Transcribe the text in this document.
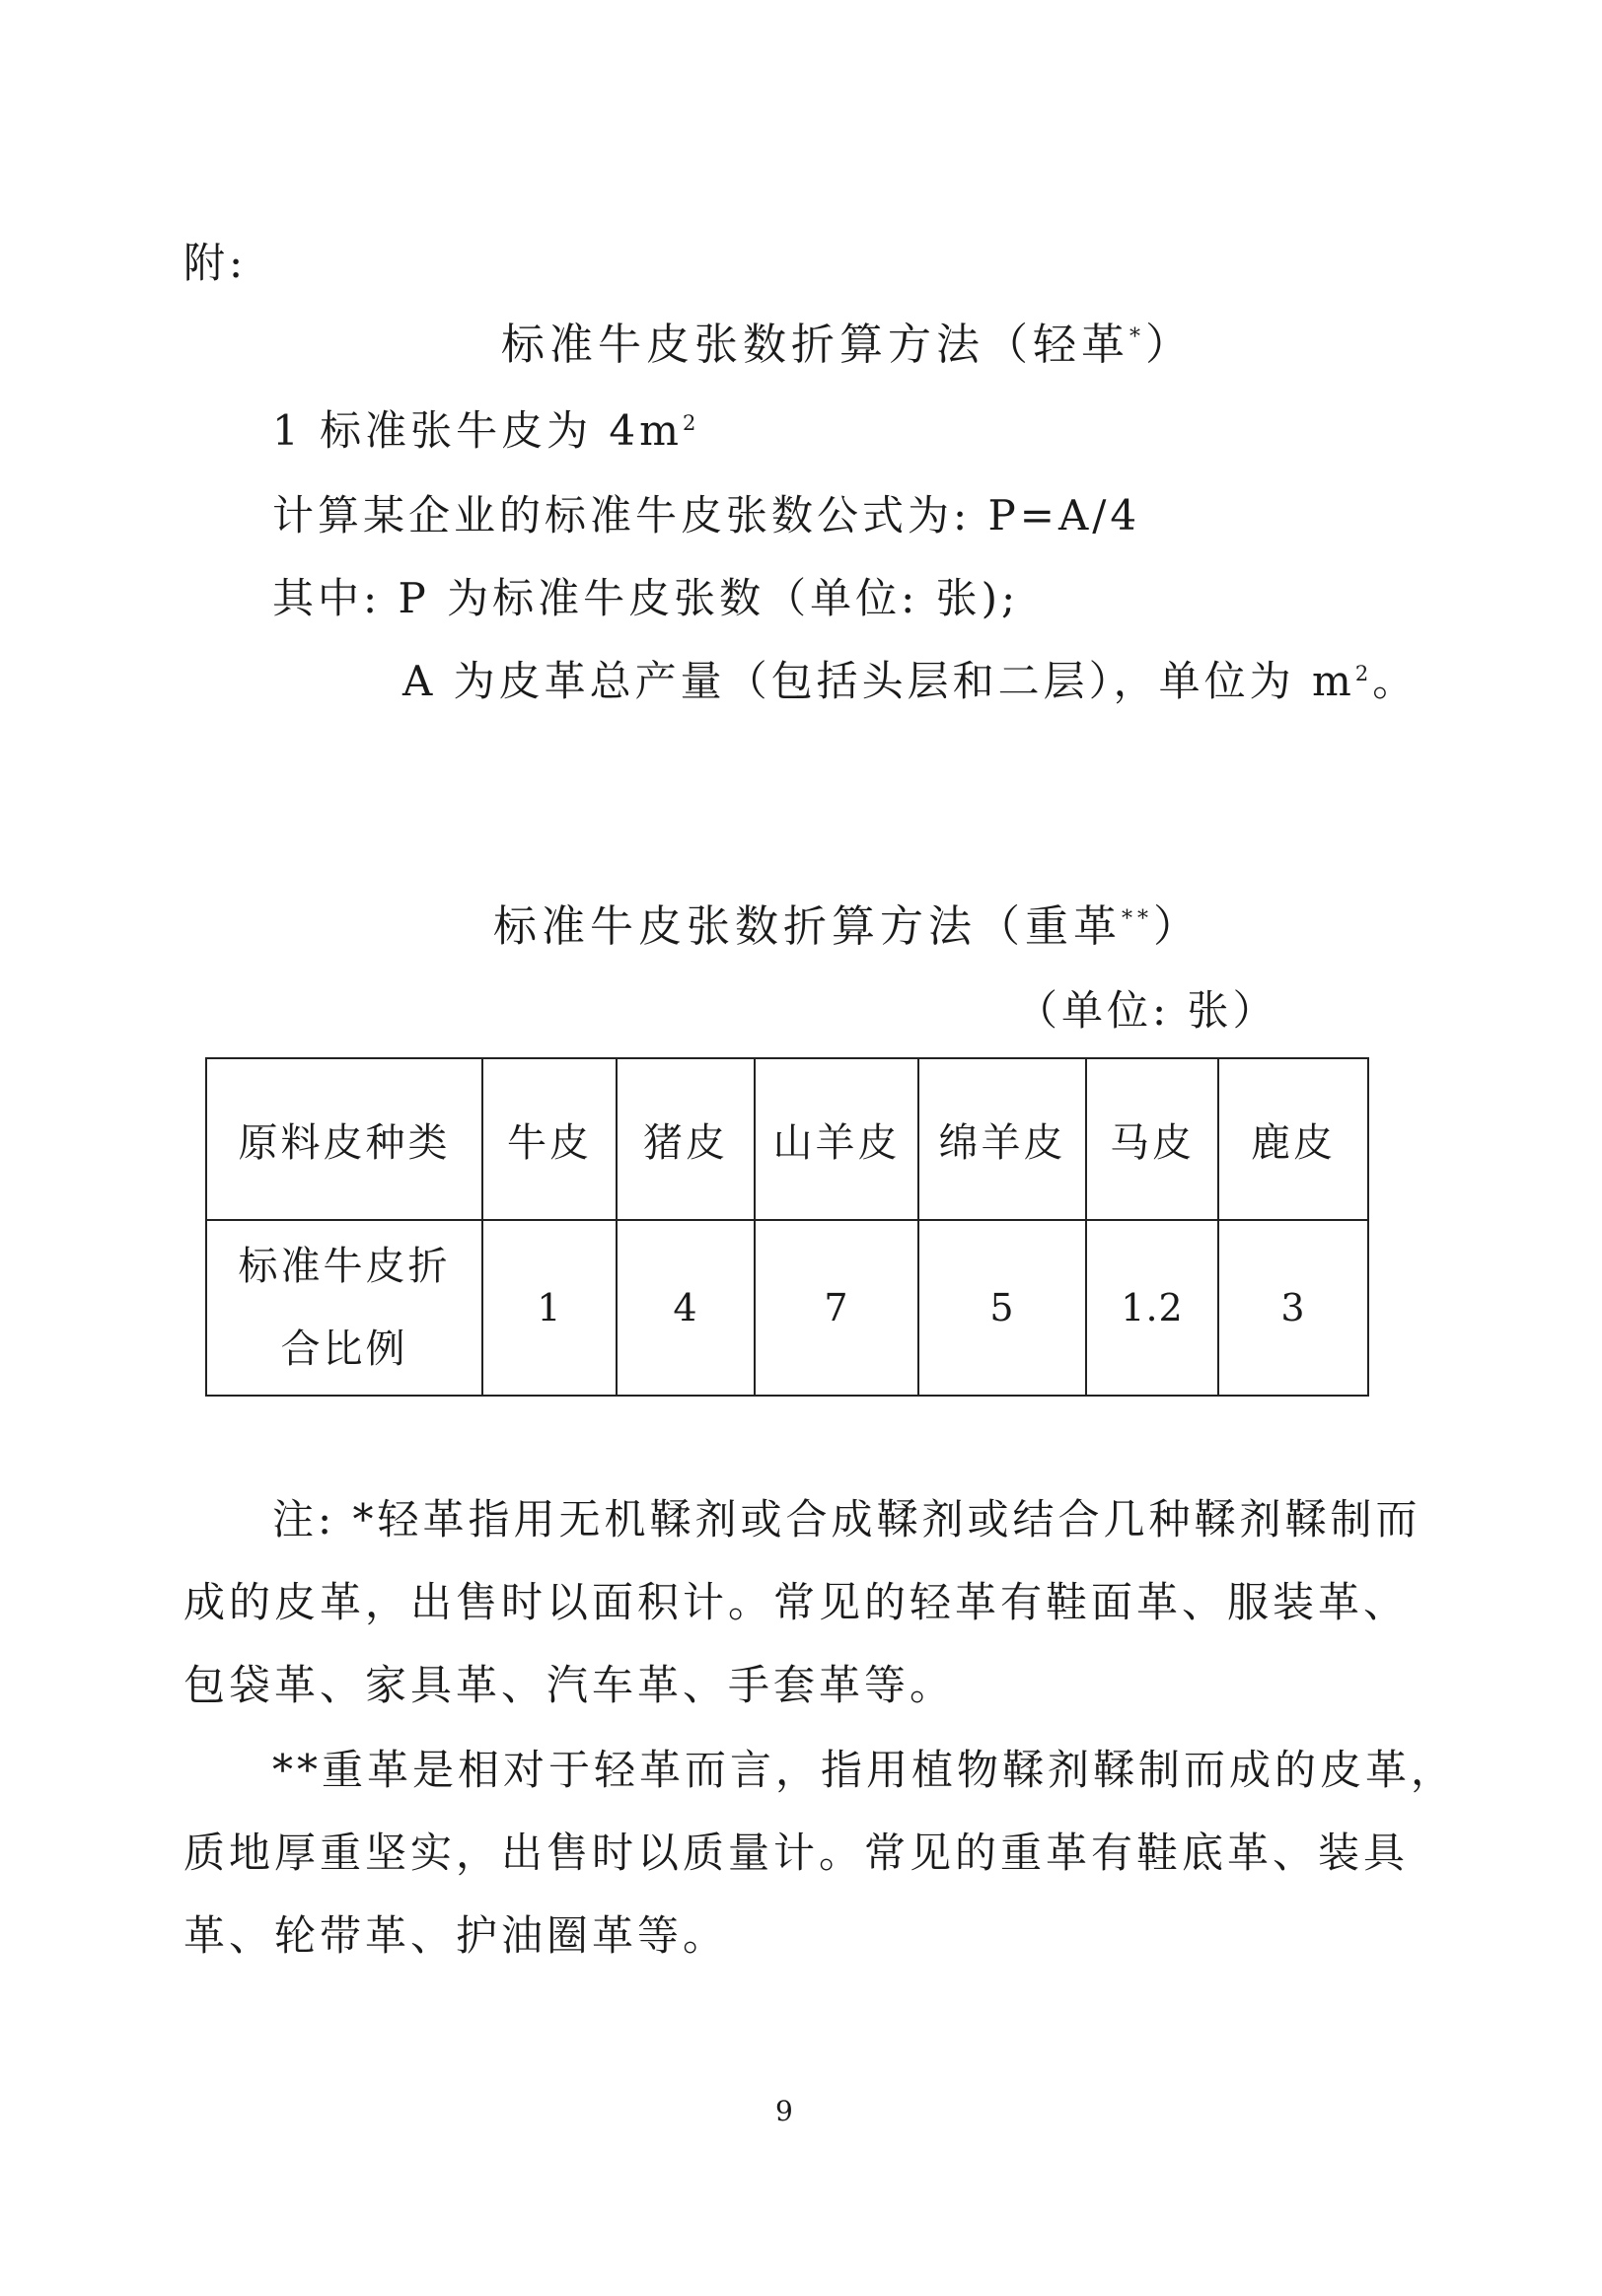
附:
标准牛皮张数折算方法（轻革*）
1 标准张牛皮为 $4m^2$
计算某企业的标准牛皮张数公式为: P=A/4
其中: P 为标准牛皮张数（单位: 张);
A 为皮革总产量（包括头层和二层），单位为 $m^2$。
标准牛皮张数折算方法（重革**）
（单位: 张）
原料皮种类	牛皮	猪皮	山羊皮	绵羊皮	马皮	鹿皮

标准牛皮折
合比例	1	4	7	5	1.2	3
注: *轻革指用无机鞣剂或合成鞣剂或结合几种鞣剂鞣制而
成的皮革，出售时以面积计。常见的轻革有鞋面革、服装革、
包袋革、家具革、汽车革、手套革等。
**重革是相对于轻革而言，指用植物鞣剂鞣制而成的皮革，
质地厚重坚实，出售时以质量计。常见的重革有鞋底革、装具
革、轮带革、护油圈革等。
9
